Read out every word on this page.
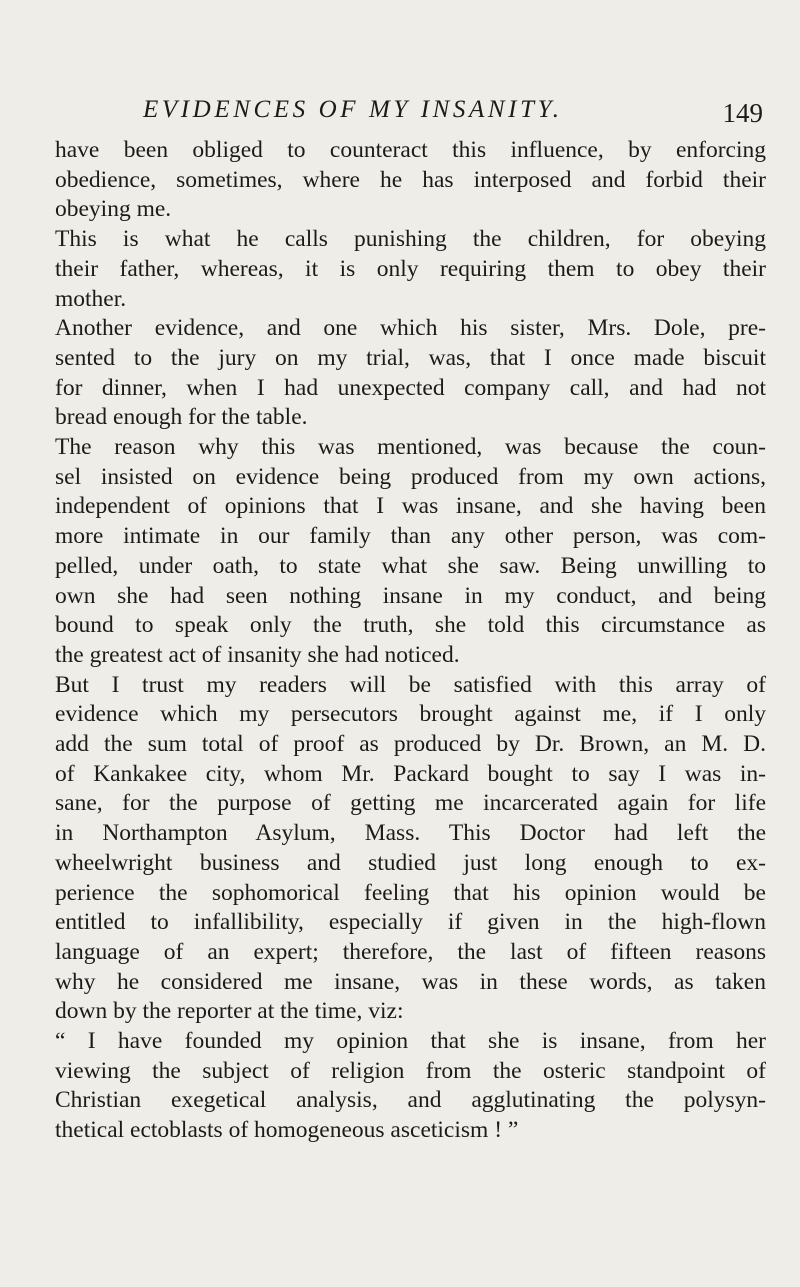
EVIDENCES OF MY INSANITY.	149
have been obliged to counteract this influence, by enforcing
obedience, sometimes, where he has interposed and forbid their
obeying me.
This is what he calls punishing the children, for obeying
their father, whereas, it is only requiring them to obey their
mother.
Another evidence, and one which his sister, Mrs. Dole, pre-
sented to the jury on my trial, was, that I once made biscuit
for dinner, when I had unexpected company call, and had not
bread enough for the table.
The reason why this was mentioned, was because the coun-
sel insisted on evidence being produced from my own actions,
independent of opinions that I was insane, and she having been
more intimate in our family than any other person, was com-
pelled, under oath, to state what she saw. Being unwilling to
own she had seen nothing insane in my conduct, and being
bound to speak only the truth, she told this circumstance as
the greatest act of insanity she had noticed.
But I trust my readers will be satisfied with this array of
evidence which my persecutors brought against me, if I only
add the sum total of proof as produced by Dr. Brown, an M. D.
of Kankakee city, whom Mr. Packard bought to say I was in-
sane, for the purpose of getting me incarcerated again for life
in Northampton Asylum, Mass. This Doctor had left the
wheelwright business and studied just long enough to ex-
perience the sophomorical feeling that his opinion would be
entitled to infallibility, especially if given in the high-flown
language of an expert; therefore, the last of fifteen reasons
why he considered me insane, was in these words, as taken
down by the reporter at the time, viz:
“ I have founded my opinion that she is insane, from her
viewing the subject of religion from the osteric standpoint of
Christian exegetical analysis, and agglutinating the polysyn-
thetical ectoblasts of homogeneous asceticism ! ”
